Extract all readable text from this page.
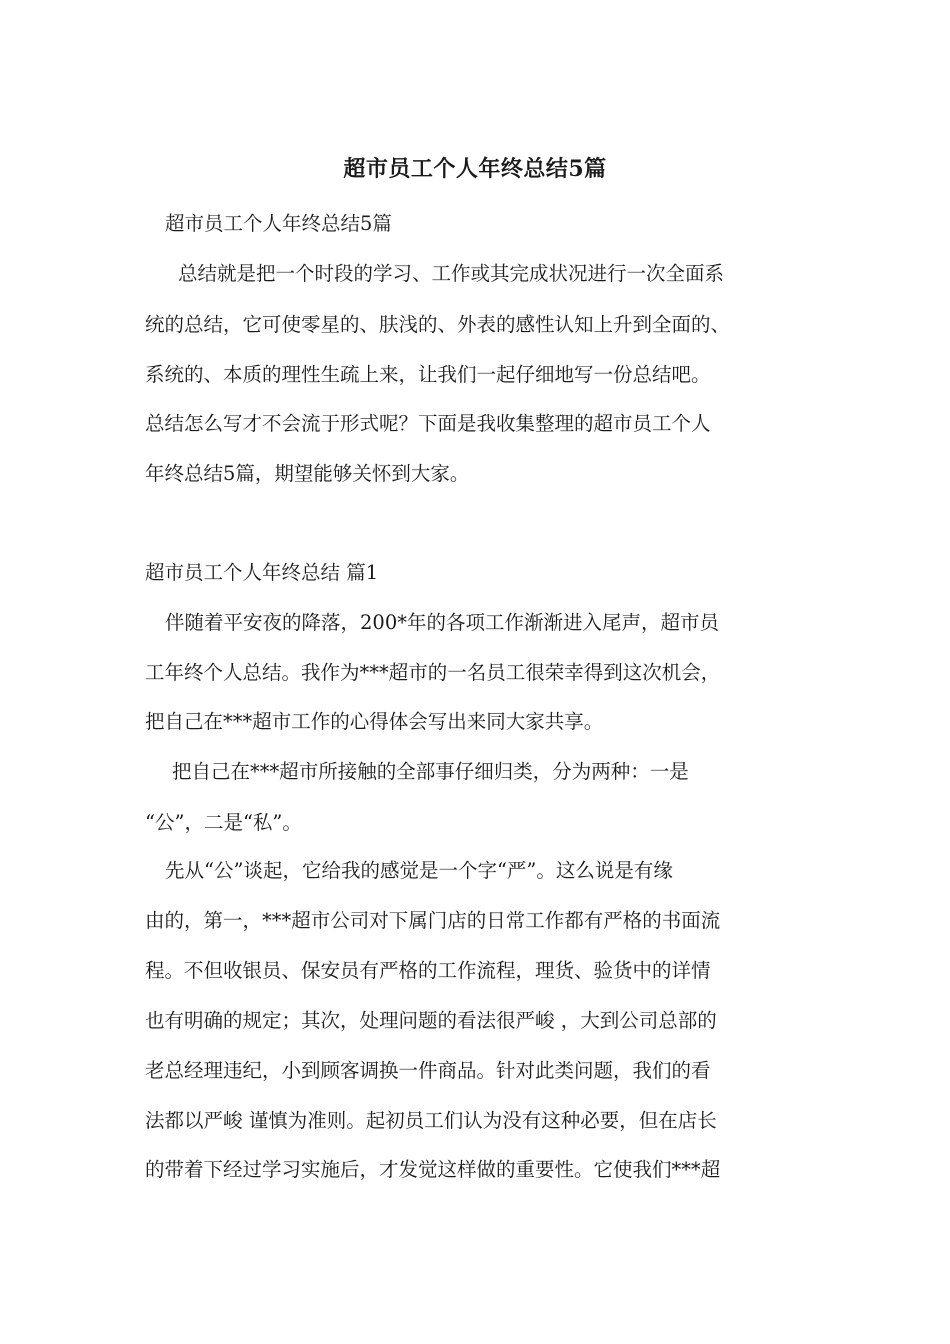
超市员工个人年终总结5篇
超市员工个人年终总结5篇
总结就是把一个时段的学习、工作或其完成状况进行一次全面系
统的总结，它可使零星的、肤浅的、外表的感性认知上升到全面的、
系统的、本质的理性生疏上来，让我们一起仔细地写一份总结吧。
总结怎么写才不会流于形式呢？下面是我收集整理的超市员工个人
年终总结5篇，期望能够关怀到大家。
超市员工个人年终总结 篇1
伴随着平安夜的降落，200*年的各项工作渐渐进入尾声，超市员
工年终个人总结。我作为***超市的一名员工很荣幸得到这次机会，
把自己在***超市工作的心得体会写出来同大家共享。
把自己在***超市所接触的全部事仔细归类，分为两种：一是
“公”，二是“私”。
先从“公”谈起，它给我的感觉是一个字“严”。这么说是有缘
由的，第一，***超市公司对下属门店的日常工作都有严格的书面流
程。不但收银员、保安员有严格的工作流程，理货、验货中的详情
也有明确的规定；其次，处理问题的看法很严峻 ，大到公司总部的
老总经理违纪，小到顾客调换一件商品。针对此类问题，我们的看
法都以严峻 谨慎为准则。起初员工们认为没有这种必要，但在店长
的带着下经过学习实施后，才发觉这样做的重要性。它使我们***超
